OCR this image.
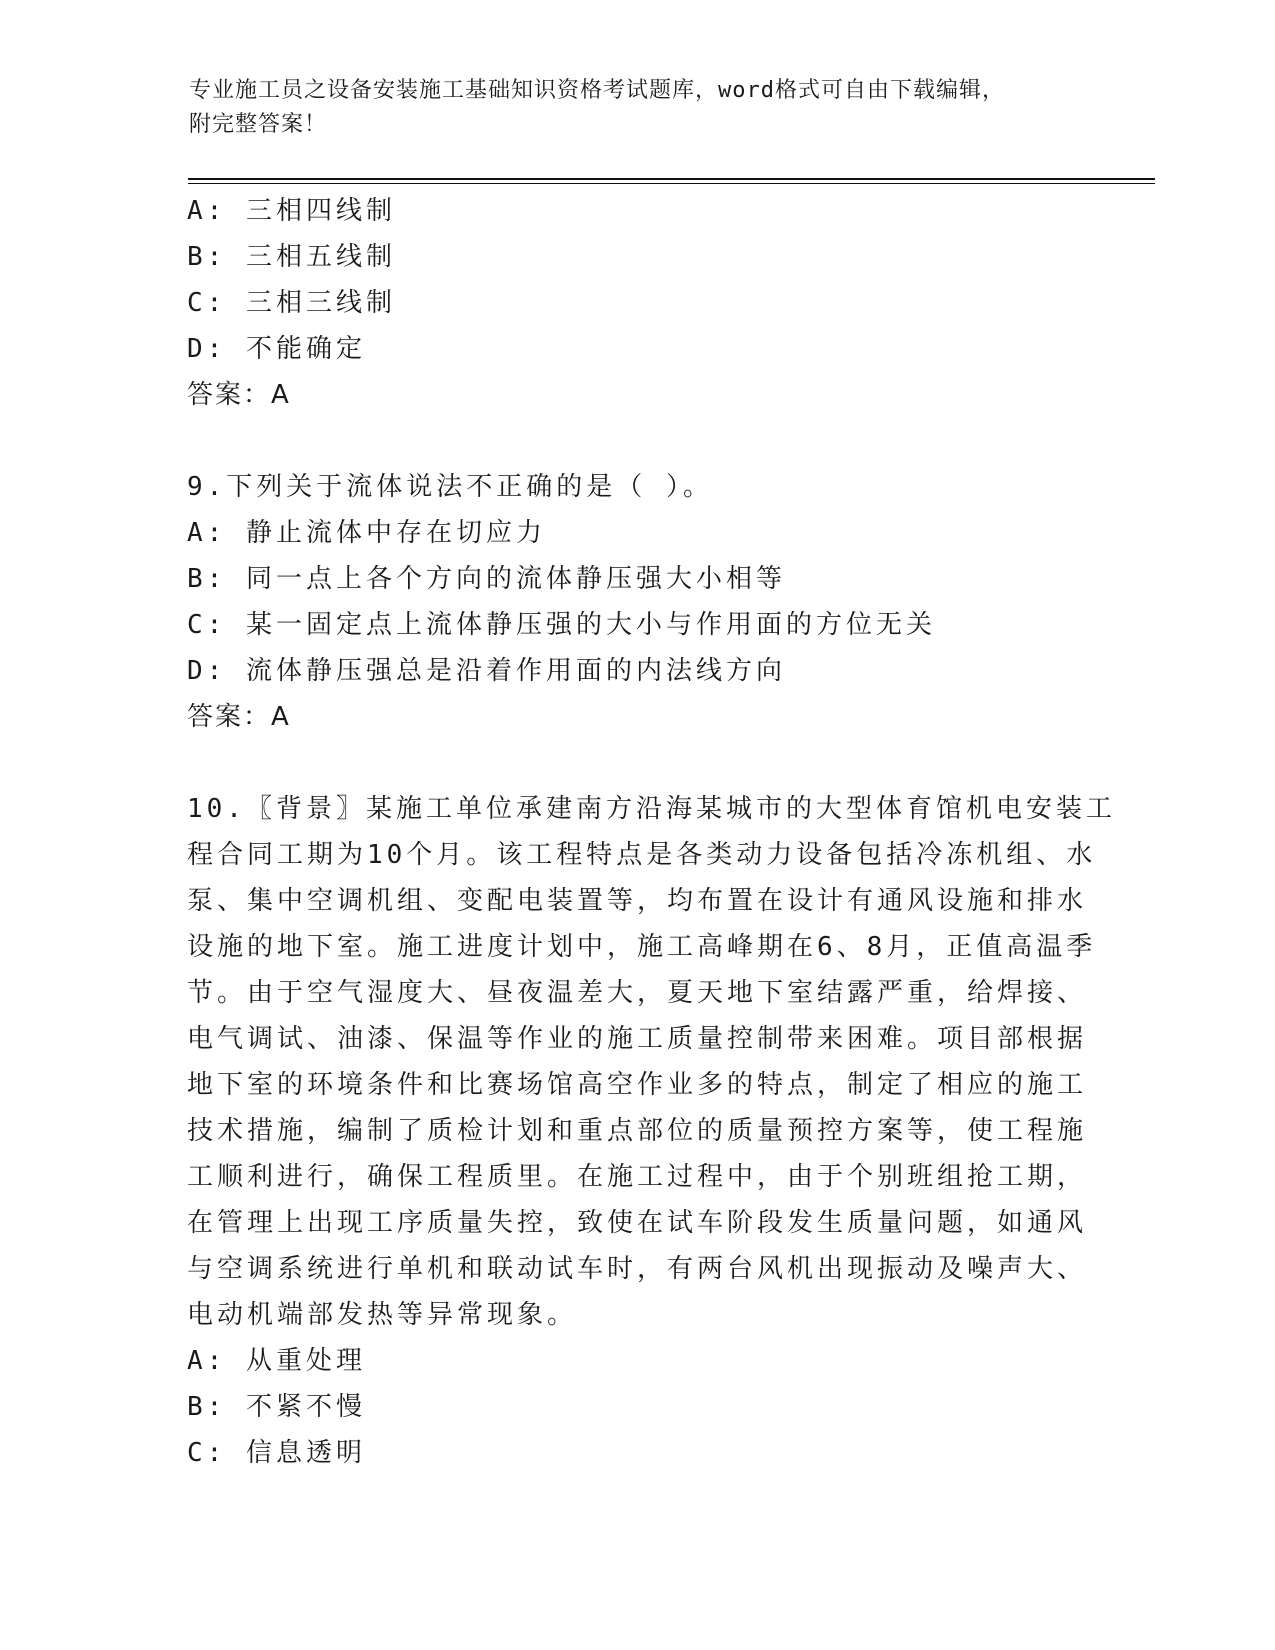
专业施工员之设备安装施工基础知识资格考试题库，word格式可自由下载编辑，
附完整答案！
A: 三相四线制
B: 三相五线制
C: 三相三线制
D: 不能确定
答案：A
9.下列关于流体说法不正确的是（ ）。
A: 静止流体中存在切应力
B: 同一点上各个方向的流体静压强大小相等
C: 某一固定点上流体静压强的大小与作用面的方位无关
D: 流体静压强总是沿着作用面的内法线方向
答案：A
10.〖背景〗某施工单位承建南方沿海某城市的大型体育馆机电安装工
程合同工期为10个月。该工程特点是各类动力设备包括冷冻机组、水
泵、集中空调机组、变配电装置等，均布置在设计有通风设施和排水
设施的地下室。施工进度计划中，施工高峰期在6、8月，正值高温季
节。由于空气湿度大、昼夜温差大，夏天地下室结露严重，给焊接、
电气调试、油漆、保温等作业的施工质量控制带来困难。项目部根据
地下室的环境条件和比赛场馆高空作业多的特点，制定了相应的施工
技术措施，编制了质检计划和重点部位的质量预控方案等，使工程施
工顺利进行，确保工程质里。在施工过程中，由于个别班组抢工期，
在管理上出现工序质量失控，致使在试车阶段发生质量问题，如通风
与空调系统进行单机和联动试车时，有两台风机出现振动及噪声大、
电动机端部发热等异常现象。
A: 从重处理
B: 不紧不慢
C: 信息透明
